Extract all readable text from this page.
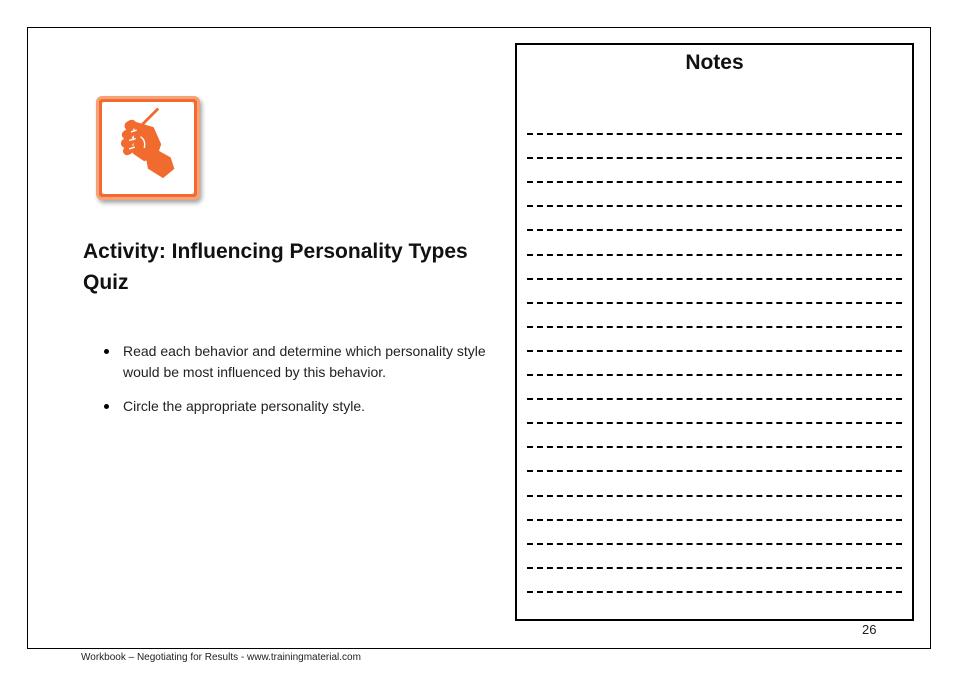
Activity: Influencing Personality Types Quiz
Read each behavior and determine which personality style would be most influenced by this behavior.
Circle the appropriate personality style.
Notes
26
Workbook – Negotiating for Results - www.trainingmaterial.com
